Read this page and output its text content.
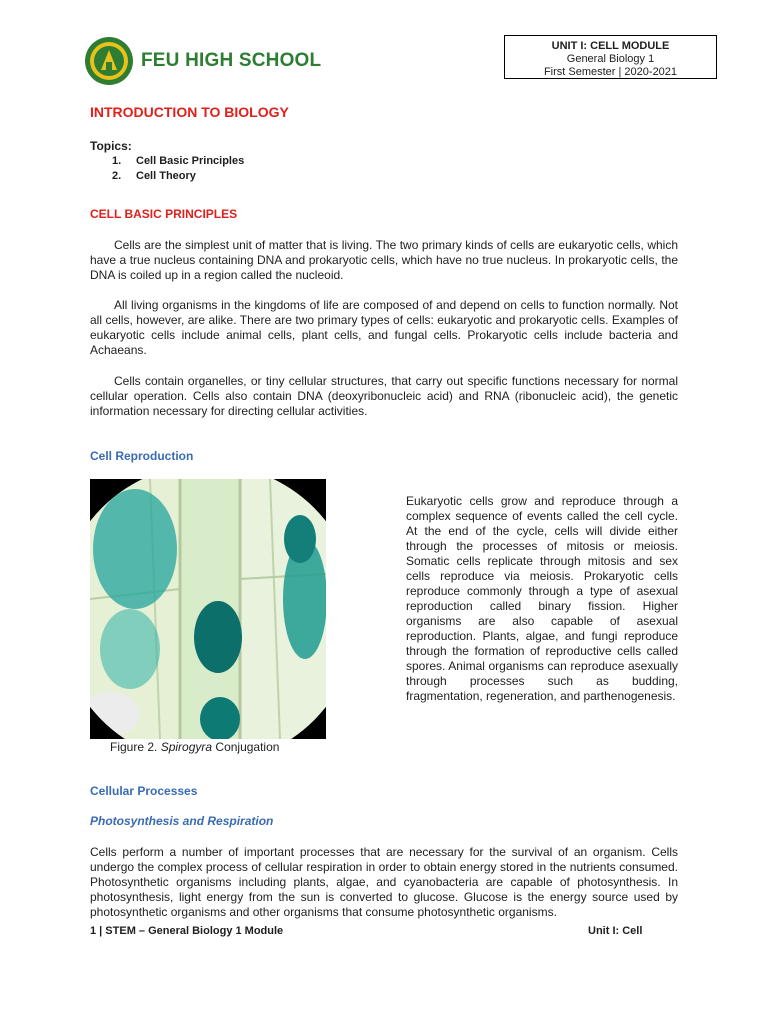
FEU HIGH SCHOOL
UNIT I: CELL MODULE
General Biology 1
First Semester | 2020-2021
INTRODUCTION TO BIOLOGY
Topics:
1. Cell Basic Principles
2. Cell Theory
CELL BASIC PRINCIPLES

Cells are the simplest unit of matter that is living. The two primary kinds of cells are eukaryotic cells, which have a true nucleus containing DNA and prokaryotic cells, which have no true nucleus. In prokaryotic cells, the DNA is coiled up in a region called the nucleoid.

All living organisms in the kingdoms of life are composed of and depend on cells to function normally. Not all cells, however, are alike. There are two primary types of cells: eukaryotic and prokaryotic cells. Examples of eukaryotic cells include animal cells, plant cells, and fungal cells. Prokaryotic cells include bacteria and Achaeans.

Cells contain organelles, or tiny cellular structures, that carry out specific functions necessary for normal cellular operation. Cells also contain DNA (deoxyribonucleic acid) and RNA (ribonucleic acid), the genetic information necessary for directing cellular activities.

Cell Reproduction
Figure 2. Spirogyra Conjugation

Eukaryotic cells grow and reproduce through a complex sequence of events called the cell cycle. At the end of the cycle, cells will divide either through the processes of mitosis or meiosis. Somatic cells replicate through mitosis and sex cells reproduce via meiosis. Prokaryotic cells reproduce commonly through a type of asexual reproduction called binary fission. Higher organisms are also capable of asexual reproduction. Plants, algae, and fungi reproduce through the formation of reproductive cells called spores. Animal organisms can reproduce asexually through processes such as budding, fragmentation, regeneration, and parthenogenesis.

Cellular Processes
Photosynthesis and Respiration

Cells perform a number of important processes that are necessary for the survival of an organism. Cells undergo the complex process of cellular respiration in order to obtain energy stored in the nutrients consumed. Photosynthetic organisms including plants, algae, and cyanobacteria are capable of photosynthesis. In photosynthesis, light energy from the sun is converted to glucose. Glucose is the energy source used by photosynthetic organisms and other organisms that consume photosynthetic organisms.

1 | STEM – General Biology 1 Module	Unit I: Cell
